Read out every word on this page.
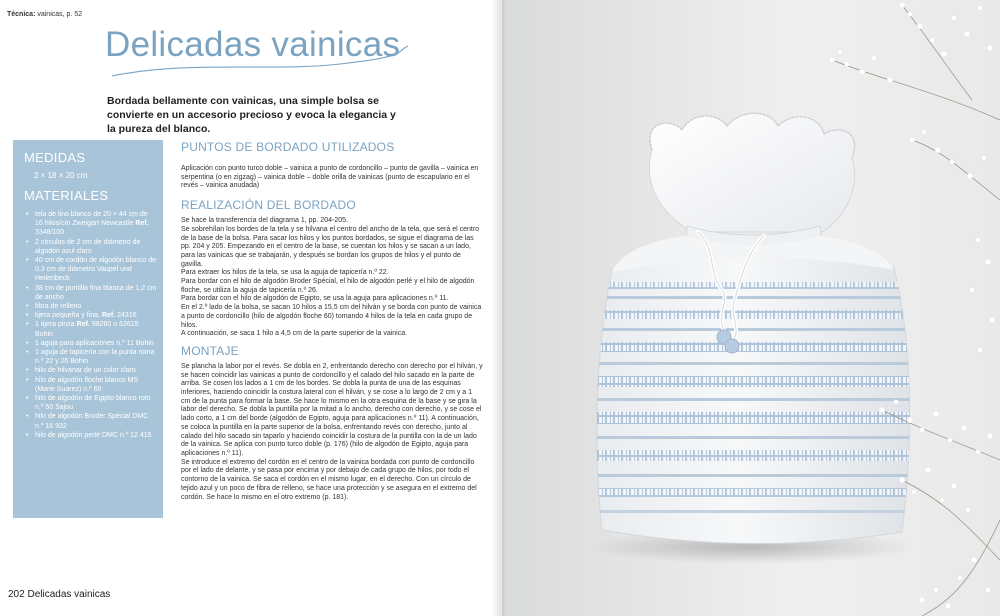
Técnica: vainicas, p. 52
Delicadas vainicas
Bordada bellamente con vainicas, una simple bolsa se convierte en un accesorio precioso y evoca la elegancia y la pureza del blanco.
MEDIDAS
2 × 18 × 20 cm
MATERIALES
• tela de lino blanco de 20 × 44 cm de 16 hilos/cm Zweigart Newcastle Ref. 3348/100
• 2 círculos de 2 cm de diámetro de algodón azul claro
• 40 cm de cordón de algodón blanco de 0,3 cm de diámetro Vaupel und Heilenbeck
• 38 cm de puntilla fina blanca de 1,2 cm de ancho
• fibra de relleno
• tijera pequeña y fina, Ref. 24316
• 1 tijera pinza Ref. 98260 o 62615 Bohin
• 1 aguja para aplicaciones n.º 11 Bohin
• 1 aguja de tapicería con la punta roma n.º 22 y 26 Bohin
• hilo de hilvanar de un color claro
• hilo de algodón floche blanco MS (Marie Suarez) n.º 60
• hilo de algodón de Egipto blanco roto n.º 50 Sajou
• hilo de algodón Broder Spécial DMC n.º 16 932
• hilo de algodón perlé DMC n.º 12 415
PUNTOS DE BORDADO UTILIZADOS

Aplicación con punto turco doble – vainica a punto de cordoncillo – punto de gavilla – vainica en serpentina (o en zigzag) – vainica doble – doble orilla de vainicas (punto de escapulario en el revés – vainica anudada)

REALIZACIÓN DEL BORDADO

Se hace la transferencia del diagrama 1, pp. 204-205.

Se sobrehílan los bordes de la tela y se hilvana el centro del ancho de la tela, que será el centro de la base de la bolsa. Para sacar los hilos y los puntos bordados, se sigue el diagrama de las pp. 204 y 205. Empezando en el centro de la base, se cuentan los hilos y se sacan a un lado, para las vainicas que se trabajarán, y después se bordan los grupos de hilos y el punto de gavilla.

Para extraer los hilos de la tela, se usa la aguja de tapicería n.º 22.

Para bordar con el hilo de algodón Broder Spécial, el hilo de algodón perlé y el hilo de algodón floche, se utiliza la aguja de tapicería n.º 26.

Para bordar con el hilo de algodón de Egipto, se usa la aguja para aplicaciones n.º 11.

En el 2.º lado de la bolsa, se sacan 10 hilos a 15,5 cm del hilván y se borda con punto de vainica a punto de cordoncillo (hilo de algodón floche 60) tomando 4 hilos de la tela en cada grupo de hilos.

A continuación, se saca 1 hilo a 4,5 cm de la parte superior de la vainica.

MONTAJE

Se plancha la labor por el revés. Se dobla en 2, enfrentando derecho con derecho por el hilván, y se hacen coincidir las vainicas a punto de cordoncillo y el calado del hilo sacado en la parte de arriba. Se cosen los lados a 1 cm de los bordes. Se dobla la punta de una de las esquinas inferiores, haciendo coincidir la costura lateral con el hilván, y se cose a lo largo de 2 cm y a 1 cm de la punta para formar la base. Se hace lo mismo en la otra esquina de la base y se gira la labor del derecho. Se dobla la puntilla por la mitad a lo ancho, derecho con derecho, y se cose el lado corto, a 1 cm del borde (algodón de Egipto, aguja para aplicaciones n.º 11). A continuación, se coloca la puntilla en la parte superior de la bolsa, enfrentando revés con derecho, junto al calado del hilo sacado sin taparlo y haciendo coincidir la costura de la puntilla con la de un lado de la vainica. Se aplica con punto turco doble (p. 176) (hilo de algodón de Egipto, aguja para aplicaciones n.º 11).

Se introduce el extremo del cordón en el centro de la vainica bordada con punto de cordoncillo por el lado de delante, y se pasa por encima y por debajo de cada grupo de hilos, por todo el contorno de la vainica. Se saca el cordón en el mismo lugar, en el derecho. Con un círculo de tejido azul y un poco de fibra de relleno, se hace una protección y se asegura en el extremo del cordón. Se hace lo mismo en el otro extremo (p. 181).

202 Delicadas vainicas
